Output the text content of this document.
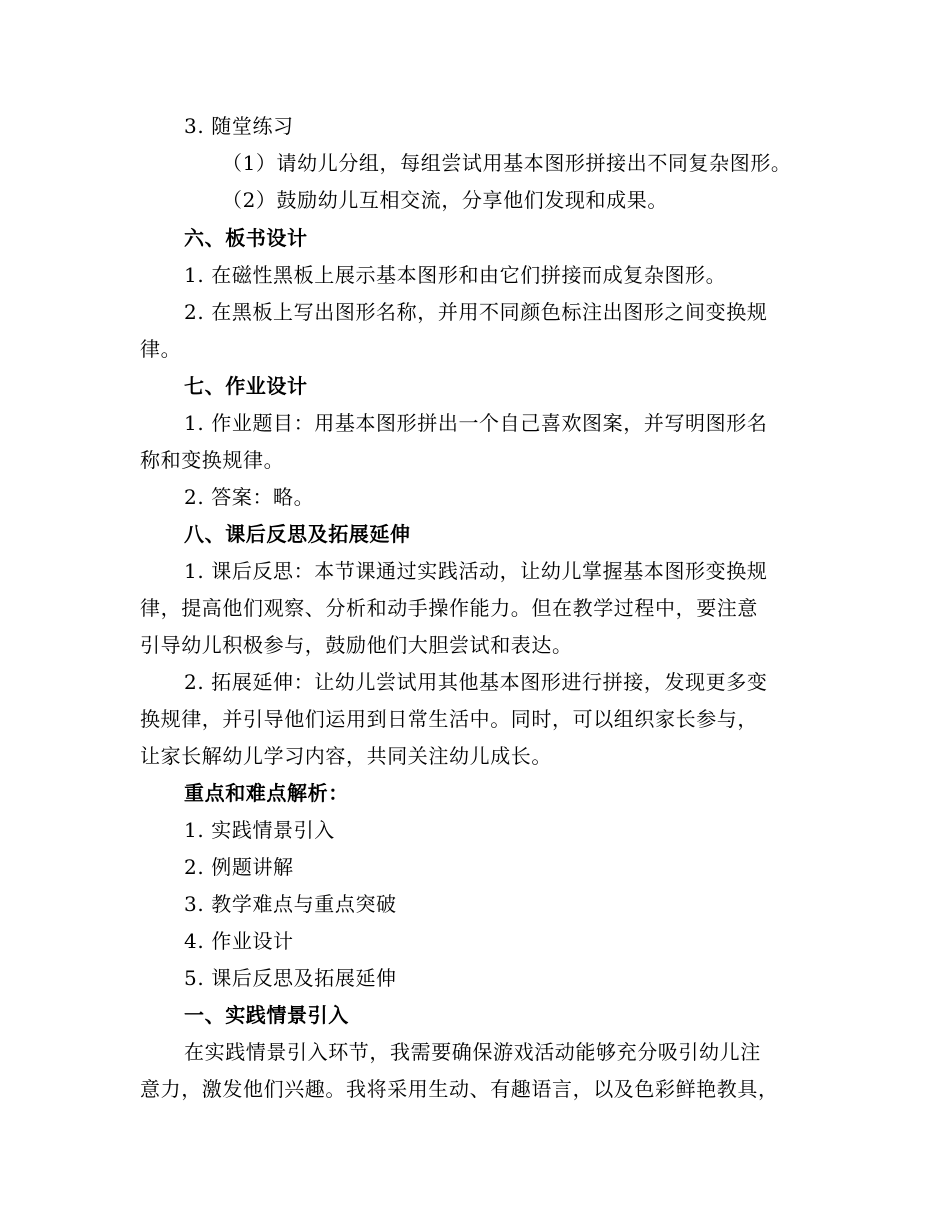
3. 随堂练习
（1）请幼儿分组，每组尝试用基本图形拼接出不同复杂图形。
（2）鼓励幼儿互相交流，分享他们发现和成果。
六、板书设计
1. 在磁性黑板上展示基本图形和由它们拼接而成复杂图形。
2. 在黑板上写出图形名称，并用不同颜色标注出图形之间变换规
律。
七、作业设计
1. 作业题目：用基本图形拼出一个自己喜欢图案，并写明图形名
称和变换规律。
2. 答案：略。
八、课后反思及拓展延伸
1. 课后反思：本节课通过实践活动，让幼儿掌握基本图形变换规
律，提高他们观察、分析和动手操作能力。但在教学过程中，要注意
引导幼儿积极参与，鼓励他们大胆尝试和表达。
2. 拓展延伸：让幼儿尝试用其他基本图形进行拼接，发现更多变
换规律，并引导他们运用到日常生活中。同时，可以组织家长参与，
让家长解幼儿学习内容，共同关注幼儿成长。
重点和难点解析：
1. 实践情景引入
2. 例题讲解
3. 教学难点与重点突破
4. 作业设计
5. 课后反思及拓展延伸
一、实践情景引入
在实践情景引入环节，我需要确保游戏活动能够充分吸引幼儿注
意力，激发他们兴趣。我将采用生动、有趣语言，以及色彩鲜艳教具，
